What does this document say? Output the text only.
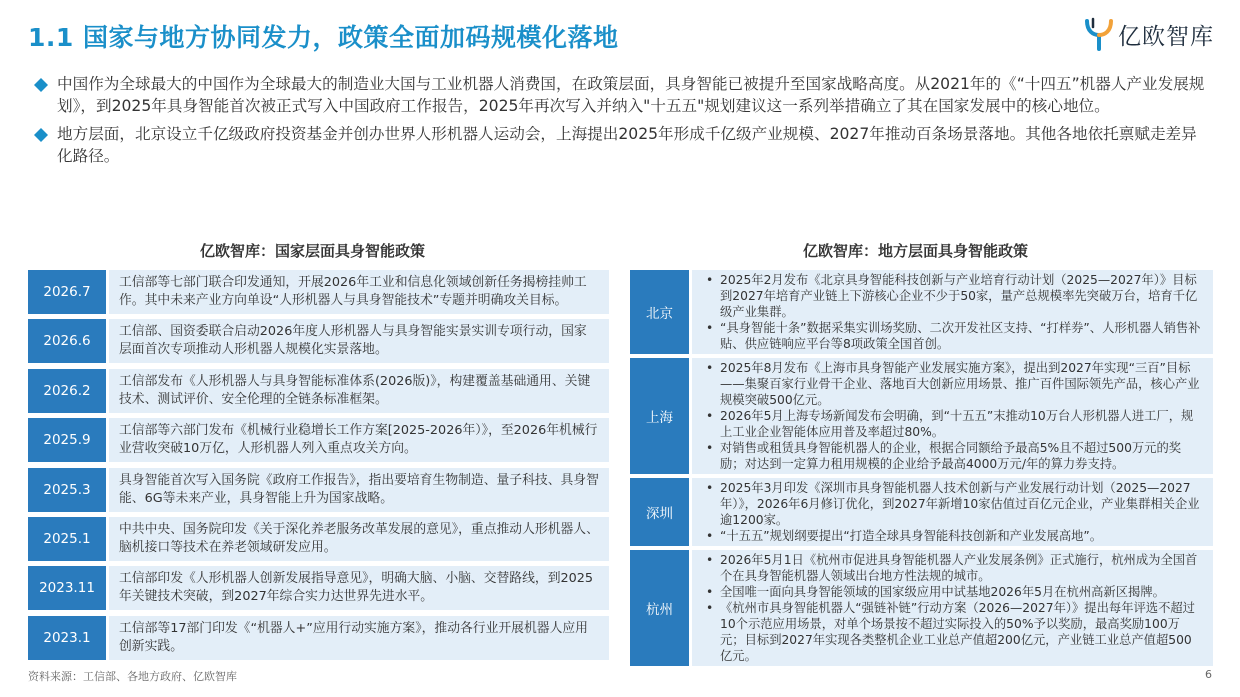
1.1 国家与地方协同发力，政策全面加码规模化落地	亿欧智库
中国作为全球最大的中国作为全球最大的制造业大国与工业机器人消费国，在政策层面，具身智能已被提升至国家战略高度。从2021年的《“十四五”机器人产业发展规划》，到2025年具身智能首次被正式写入中国政府工作报告，2025年再次写入并纳入"十五五"规划建议这一系列举措确立了其在国家发展中的核心地位。
地方层面，北京设立千亿级政府投资基金并创办世界人形机器人运动会，上海提出2025年形成千亿级产业规模、2027年推动百条场景落地。其他各地依托禀赋走差异化路径。
亿欧智库：国家层面具身智能政策	亿欧智库：地方层面具身智能政策
2026.7
工信部等七部门联合印发通知，开展2026年工业和信息化领域创新任务揭榜挂帅工作。其中未来产业方向单设“人形机器人与具身智能技术”专题并明确攻关目标。
2026.6
工信部、国资委联合启动2026年度人形机器人与具身智能实景实训专项行动，国家层面首次专项推动人形机器人规模化实景落地。
2026.2
工信部发布《人形机器人与具身智能标准体系(2026版)》，构建覆盖基础通用、关键技术、测试评价、安全伦理的全链条标准框架。
2025.9
工信部等六部门发布《机械行业稳增长工作方案[2025-2026年）》，至2026年机械行业营收突破10万亿，人形机器人列入重点攻关方向。
2025.3
具身智能首次写入国务院《政府工作报告》，指出要培育生物制造、量子科技、具身智能、6G等未来产业，具身智能上升为国家战略。
2025.1
中共中央、国务院印发《关于深化养老服务改革发展的意见》，重点推动人形机器人、脑机接口等技术在养老领域研发应用。
2023.11
工信部印发《人形机器人创新发展指导意见》，明确大脑、小脑、交替路线，到2025年关键技术突破，到2027年综合实力达世界先进水平。
2023.1
工信部等17部门印发《“机器人+”应用行动实施方案》，推动各行业开展机器人应用创新实践。
北京
• 2025年2月发布《北京具身智能科技创新与产业培育行动计划（2025—2027年）》目标到2027年培育产业链上下游核心企业不少于50家，量产总规模率先突破万台，培育千亿级产业集群。
• “具身智能十条”数据采集实训场奖励、二次开发社区支持、“打样券”、人形机器人销售补贴、供应链响应平台等8项政策全国首创。
上海
• 2025年8月发布《上海市具身智能产业发展实施方案》，提出到2027年实现“三百”目标——集聚百家行业骨干企业、落地百大创新应用场景、推广百件国际领先产品，核心产业规模突破500亿元。
• 2026年5月上海专场新闻发布会明确，到“十五五”末推动10万台人形机器人进工厂，规上工业企业智能体应用普及率超过80%。
• 对销售或租赁具身智能机器人的企业，根据合同额给予最高5%且不超过500万元的奖励；对达到一定算力租用规模的企业给予最高4000万元/年的算力券支持。
深圳
• 2025年3月印发《深圳市具身智能机器人技术创新与产业发展行动计划（2025—2027年）》，2026年6月修订优化，到2027年新增10家估值过百亿元企业，产业集群相关企业逾1200家。
• “十五五”规划纲要提出“打造全球具身智能科技创新和产业发展高地”。
杭州
• 2026年5月1日《杭州市促进具身智能机器人产业发展条例》正式施行，杭州成为全国首个在具身智能机器人领域出台地方性法规的城市。
• 全国唯一面向具身智能领域的国家级应用中试基地2026年5月在杭州高新区揭牌。
• 《杭州市具身智能机器人“强链补链”行动方案（2026—2027年）》提出每年评选不超过10个示范应用场景，对单个场景按不超过实际投入的50%予以奖励，最高奖励100万元；目标到2027年实现各类整机企业工业总产值超200亿元，产业链工业总产值超500亿元。
资料来源：工信部、各地方政府、亿欧智库	6
